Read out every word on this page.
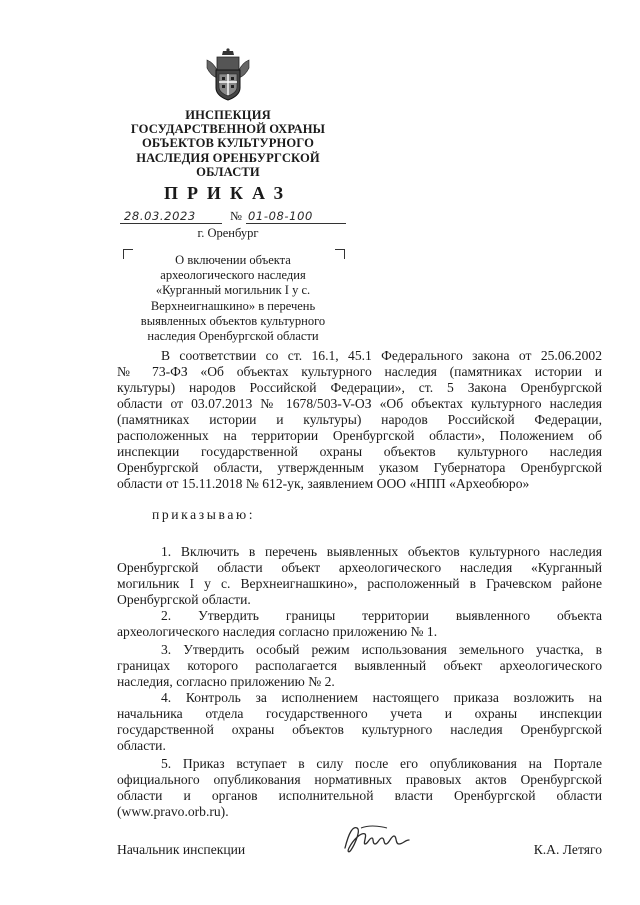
ИНСПЕКЦИЯ
ГОСУДАРСТВЕННОЙ ОХРАНЫ
ОБЪЕКТОВ КУЛЬТУРНОГО
НАСЛЕДИЯ ОРЕНБУРГСКОЙ
ОБЛАСТИ
ПРИКАЗ
28.03.2023	№ 01-08-100
г. Оренбург
О включении объекта
археологического наследия
«Курганный могильник I у с.
Верхнеигнашкино» в перечень
выявленных объектов культурного
наследия Оренбургской области
В соответствии со ст. 16.1, 45.1 Федерального закона от 25.06.2002
№ 73-ФЗ «Об объектах культурного наследия (памятниках истории и
культуры) народов Российской Федерации», ст. 5 Закона Оренбургской
области от 03.07.2013 № 1678/503-V-ОЗ «Об объектах культурного наследия
(памятниках истории и культуры) народов Российской Федерации,
расположенных на территории Оренбургской области», Положением об
инспекции государственной охраны объектов культурного наследия
Оренбургской области, утвержденным указом Губернатора Оренбургской
области от 15.11.2018 № 612-ук, заявлением ООО «НПП «Археобюро»
приказываю:
1. Включить в перечень выявленных объектов культурного наследия
Оренбургской области объект археологического наследия «Курганный
могильник I у с. Верхнеигнашкино», расположенный в Грачевском районе
Оренбургской области.
2. Утвердить границы территории выявленного объекта
археологического наследия согласно приложению № 1.
3. Утвердить особый режим использования земельного участка, в
границах которого располагается выявленный объект археологического
наследия, согласно приложению № 2.
4. Контроль за исполнением настоящего приказа возложить на
начальника отдела государственного учета и охраны инспекции
государственной охраны объектов культурного наследия Оренбургской
области.
5. Приказ вступает в силу после его опубликования на Портале
официального опубликования нормативных правовых актов Оренбургской
области и органов исполнительной власти Оренбургской области
(www.pravo.orb.ru).
Начальник инспекции	К.А. Летяго
